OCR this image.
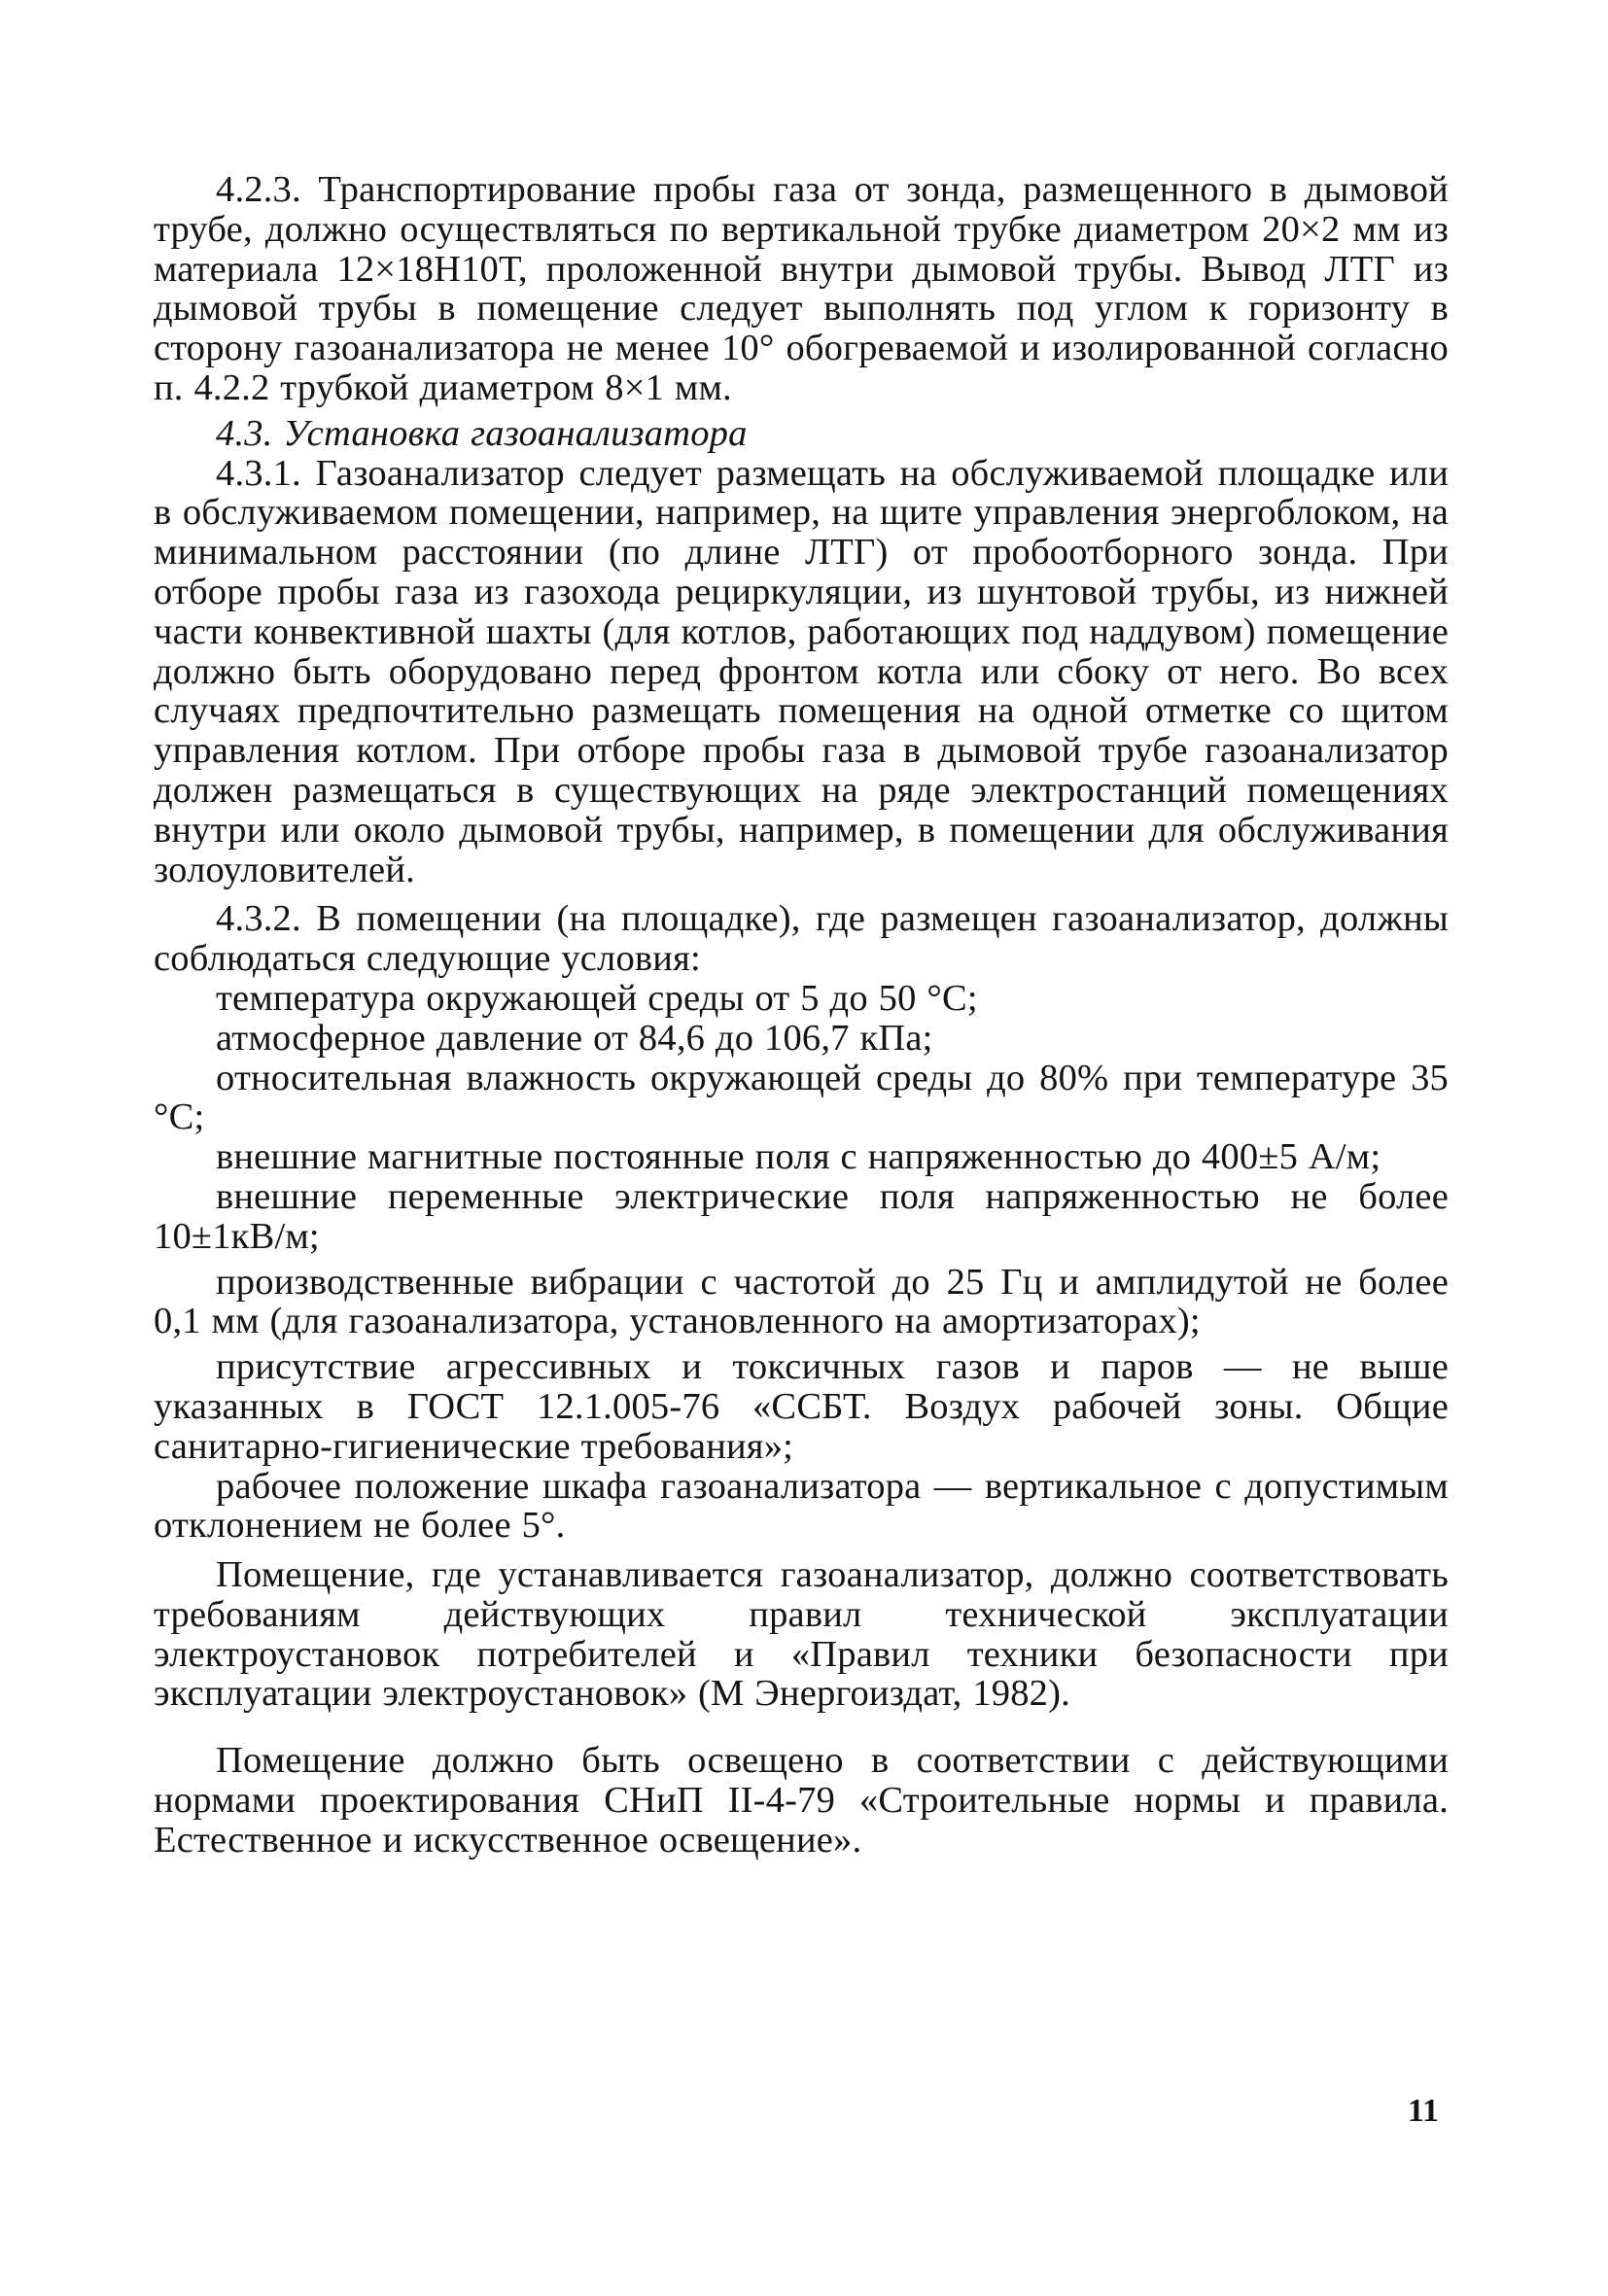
4.2.3. Транспортирование пробы газа от зонда, размещенного в дымовой трубе, должно осуществляться по вертикальной трубке диаметром 20×2 мм из материала 12×18Н10Т, проложенной внутри дымовой трубы. Вывод ЛТГ из дымовой трубы в помещение следует выполнять под углом к горизонту в сторону газоанализатора не менее 10° обогреваемой и изолированной согласно п. 4.2.2 трубкой диаметром 8×1 мм.

4.3. Установка газоанализатора

4.3.1. Газоанализатор следует размещать на обслуживаемой площадке или в обслуживаемом помещении, например, на щите управления энергоблоком, на минимальном расстоянии (по длине ЛТГ) от пробоотборного зонда. При отборе пробы газа из газохода рециркуляции, из шунтовой трубы, из нижней части конвективной шахты (для котлов, работающих под наддувом) помещение должно быть оборудовано перед фронтом котла или сбоку от него. Во всех случаях предпочтительно размещать помещения на одной отметке со щитом управления котлом. При отборе пробы газа в дымовой трубе газоанализатор должен размещаться в существующих на ряде электростанций помещениях внутри или около дымовой трубы, например, в помещении для обслуживания золоуловителей.

4.3.2. В помещении (на площадке), где размещен газоанализатор, должны соблюдаться следующие условия:

температура окружающей среды от 5 до 50 °С;

атмосферное давление от 84,6 до 106,7 кПа;

относительная влажность окружающей среды до 80% при температуре 35 °С;

внешние магнитные постоянные поля с напряженностью до 400±5 А/м;

внешние переменные электрические поля напряженностью не более 10±1кВ/м;

производственные вибрации с частотой до 25 Гц и амплидутой не более 0,1 мм (для газоанализатора, установленного на амортизаторах);

присутствие агрессивных и токсичных газов и паров — не выше указанных в ГОСТ 12.1.005-76 «ССБТ. Воздух рабочей зоны. Общие санитарно-гигиенические требования»;

рабочее положение шкафа газоанализатора — вертикальное с допустимым отклонением не более 5°.

Помещение, где устанавливается газоанализатор, должно соответствовать требованиям действующих правил технической эксплуатации электроустановок потребителей и «Правил техники безопасности при эксплуатации электроустановок» (М Энергоиздат, 1982).

Помещение должно быть освещено в соответствии с действующими нормами проектирования СНиП II-4-79 «Строительные нормы и правила. Естественное и искусственное освещение».

11
